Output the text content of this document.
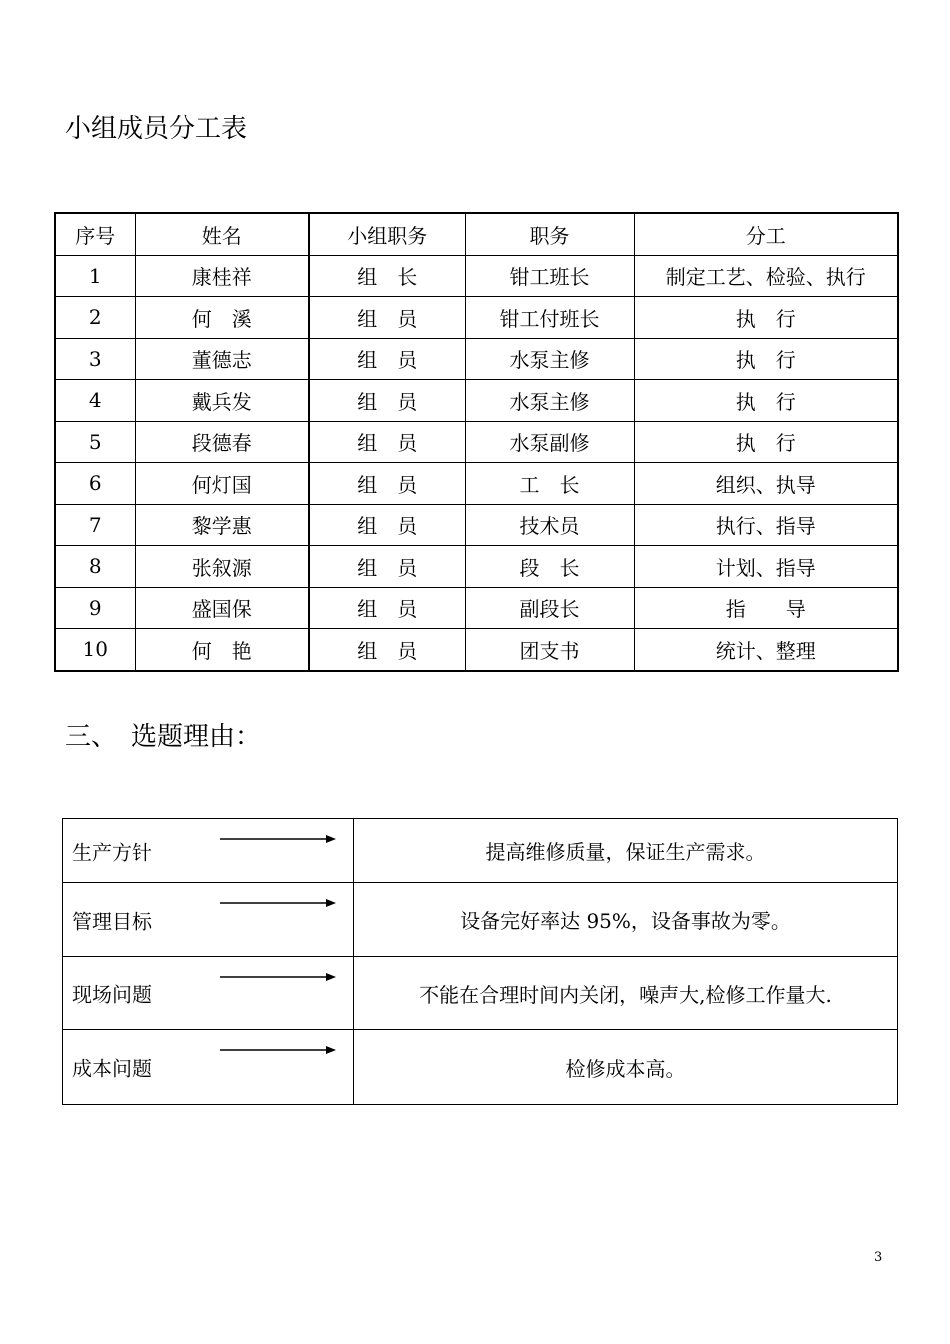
小组成员分工表
序号	姓名	小组职务	职务	分工
1	康桂祥	组　长	钳工班长	制定工艺、检验、执行
2	何　溪	组　员	钳工付班长	执　行
3	董德志	组　员	水泵主修	执　行
4	戴兵发	组　员	水泵主修	执　行
5	段德春	组　员	水泵副修	执　行
6	何灯国	组　员	工　长	组织、执导
7	黎学惠	组　员	技术员	执行、指导
8	张叙源	组　员	段　长	计划、指导
9	盛国保	组　员	副段长	指　　导
10	何　艳	组　员	团支书	统计、整理
三、 选题理由：
生产方针	提高维修质量，保证生产需求。

管理目标	设备完好率达 95%，设备事故为零。

现场问题	不能在合理时间内关闭，噪声大,检修工作量大.

成本问题	检修成本高。
3
